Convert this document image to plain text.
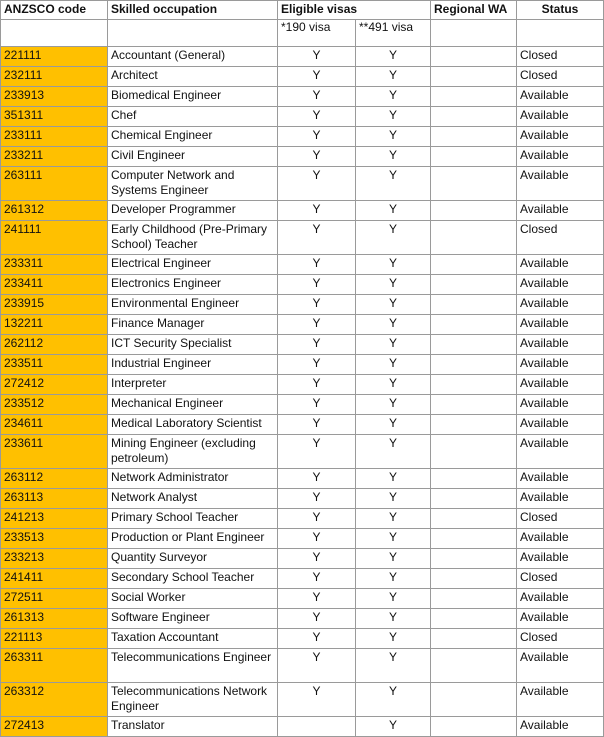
ANZSCO code	Skilled occupation	Eligible visas		Regional WA	Status
		*190 visa	**491 visa		
221111	Accountant (General)	Y	Y		Closed
232111	Architect	Y	Y		Closed
233913	Biomedical Engineer	Y	Y		Available
351311	Chef	Y	Y		Available
233111	Chemical Engineer	Y	Y		Available
233211	Civil Engineer	Y	Y		Available
263111	Computer Network and Systems Engineer	Y	Y		Available
261312	Developer Programmer	Y	Y		Available
241111	Early Childhood (Pre-Primary School) Teacher	Y	Y		Closed
233311	Electrical Engineer	Y	Y		Available
233411	Electronics Engineer	Y	Y		Available
233915	Environmental Engineer	Y	Y		Available
132211	Finance Manager	Y	Y		Available
262112	ICT Security Specialist	Y	Y		Available
233511	Industrial Engineer	Y	Y		Available
272412	Interpreter	Y	Y		Available
233512	Mechanical Engineer	Y	Y		Available
234611	Medical Laboratory Scientist	Y	Y		Available
233611	Mining Engineer (excluding petroleum)	Y	Y		Available
263112	Network Administrator	Y	Y		Available
263113	Network Analyst	Y	Y		Available
241213	Primary School Teacher	Y	Y		Closed
233513	Production or Plant Engineer	Y	Y		Available
233213	Quantity Surveyor	Y	Y		Available
241411	Secondary School Teacher	Y	Y		Closed
272511	Social Worker	Y	Y		Available
261313	Software Engineer	Y	Y		Available
221113	Taxation Accountant	Y	Y		Closed
263311	Telecommunications Engineer	Y	Y		Available
263312	Telecommunications Network Engineer	Y	Y		Available
272413	Translator		Y		Available
